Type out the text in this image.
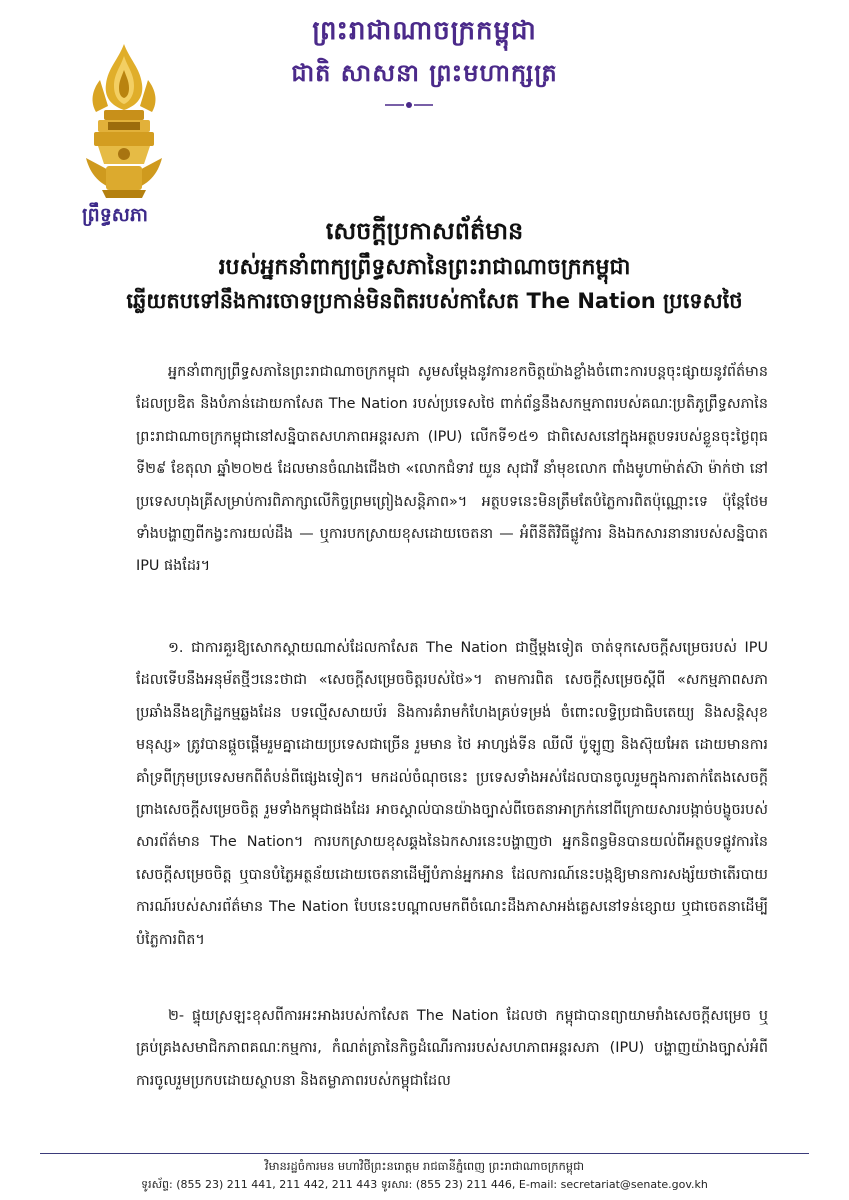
ព្រះរាជាណាចក្រកម្ពុជា
ជាតិ សាសនា ព្រះមហាក្សត្រ
ព្រឹទ្ធសភា
សេចក្តីប្រកាសព័ត៌មាន
របស់អ្នកនាំពាក្យព្រឹទ្ធសភានៃព្រះរាជាណាចក្រកម្ពុជា
ឆ្លើយតបទៅនឹងការចោទប្រកាន់មិនពិតរបស់កាសែត The Nation ប្រទេសថៃ
អ្នកនាំពាក្យព្រឹទ្ធសភានៃព្រះរាជាណាចក្រកម្ពុជា សូមសម្តែងនូវការខកចិត្តយ៉ាងខ្លាំងចំពោះការបន្តចុះផ្សាយនូវព័ត៌មានដែលប្រឌិត និងបំភាន់ដោយកាសែត The Nation របស់ប្រទេសថៃ ពាក់ព័ន្ធនឹងសកម្មភាពរបស់គណៈប្រតិភូព្រឹទ្ធសភានៃព្រះរាជាណាចក្រកម្ពុជានៅសន្និបាតសហភាពអន្តរសភា (IPU) លើកទី១៥១ ជាពិសេសនៅក្នុងអត្ថបទរបស់ខ្លួនចុះថ្ងៃពុធ ទី២៩ ខែតុលា ឆ្នាំ២០២៥ ដែលមានចំណងជើងថា «លោកជំទាវ យួន សុជាវី នាំមុខលោក ពាំងមូហាម៉ាត់ស៊ា ម៉ាក់ថា នៅប្រទេសហុងគ្រីសម្រាប់ការពិភាក្សាលើកិច្ចព្រមព្រៀងសន្តិភាព»។ អត្ថបទនេះមិនត្រឹមតែបំភ្លៃការពិតប៉ុណ្ណោះទេ ប៉ុន្តែថែមទាំងបង្ហាញពីកង្វះការយល់ដឹង — ឬការបកស្រាយខុសដោយចេតនា — អំពីនីតិវិធីផ្លូវការ និងឯកសារនានារបស់សន្និបាត IPU ផងដែរ។
១. ជាការគួរឱ្យសោកស្តាយណាស់ដែលកាសែត The Nation ជាថ្មីម្តងទៀត ចាត់ទុកសេចក្តីសម្រេចរបស់ IPU ដែលទើបនឹងអនុម័តថ្មីៗនេះថាជា «សេចក្តីសម្រេចចិត្តរបស់ថៃ»។ តាមការពិត សេចក្តីសម្រេចស្តីពី «សកម្មភាពសភាប្រឆាំងនឹងឧក្រិដ្ឋកម្មឆ្លងដែន បទល្មើសសាយប័រ និងការគំរាមកំហែងគ្រប់ទម្រង់ ចំពោះលទ្ធិប្រជាធិបតេយ្យ និងសន្តិសុខមនុស្ស» ត្រូវបានផ្តួចផ្តើមរួមគ្នាដោយប្រទេសជាច្រើន រួមមាន ថៃ អាហ្សង់ទីន ឈីលី ប៉ូឡូញ និងស៊ុយអែត ដោយមានការគាំទ្រពីក្រុមប្រទេសមកពីតំបន់ពីផ្សេងទៀត។ មកដល់ចំណុចនេះ ប្រទេសទាំងអស់ដែលបានចូលរួមក្នុងការតាក់តែងសេចក្តីព្រាងសេចក្តីសម្រេចចិត្ត រួមទាំងកម្ពុជាផងដែរ អាចស្គាល់បានយ៉ាងច្បាស់ពីចេតនាអាក្រក់នៅពីក្រោយសារបង្កាច់បង្ខូចរបស់សារព័ត៌មាន The Nation។ ការបកស្រាយខុសឆ្គងនៃឯកសារនេះបង្ហាញថា អ្នកនិពន្ធមិនបានយល់ពីអត្ថបទផ្លូវការនៃសេចក្តីសម្រេចចិត្ត ឬបានបំភ្លៃអត្ថន័យដោយចេតនាដើម្បីបំភាន់អ្នកអាន ដែលការណ៍នេះបង្កឱ្យមានការសង្ស័យថាតើរបាយការណ៍របស់សារព័ត៌មាន The Nation បែបនេះបណ្តាលមកពីចំណេះដឹងភាសាអង់គ្លេសនៅទន់ខ្សោយ ឬជាចេតនាដើម្បីបំភ្លៃការពិត។
២- ផ្ទុយស្រឡះខុសពីការអះអាងរបស់កាសែត The Nation ដែលថា កម្ពុជាបានព្យាយាមរាំងសេចក្តីសម្រេច ឬគ្រប់គ្រងសមាជិកភាពគណៈកម្មការ, កំណត់ត្រានៃកិច្ចដំណើរការរបស់សហភាពអន្តរសភា (IPU) បង្ហាញយ៉ាងច្បាស់អំពីការចូលរួមប្រកបដោយស្ថាបនា និងតម្លាភាពរបស់កម្ពុជាដែល
វិមានរដ្ឋចំការមន មហាវិថីព្រះនរោត្តម រាជធានីភ្នំពេញ ព្រះរាជាណាចក្រកម្ពុជា
ទូរស័ព្ទ: (855 23) 211 441, 211 442, 211 443 ទូរសារ: (855 23) 211 446, E-mail: secretariat@senate.gov.kh
